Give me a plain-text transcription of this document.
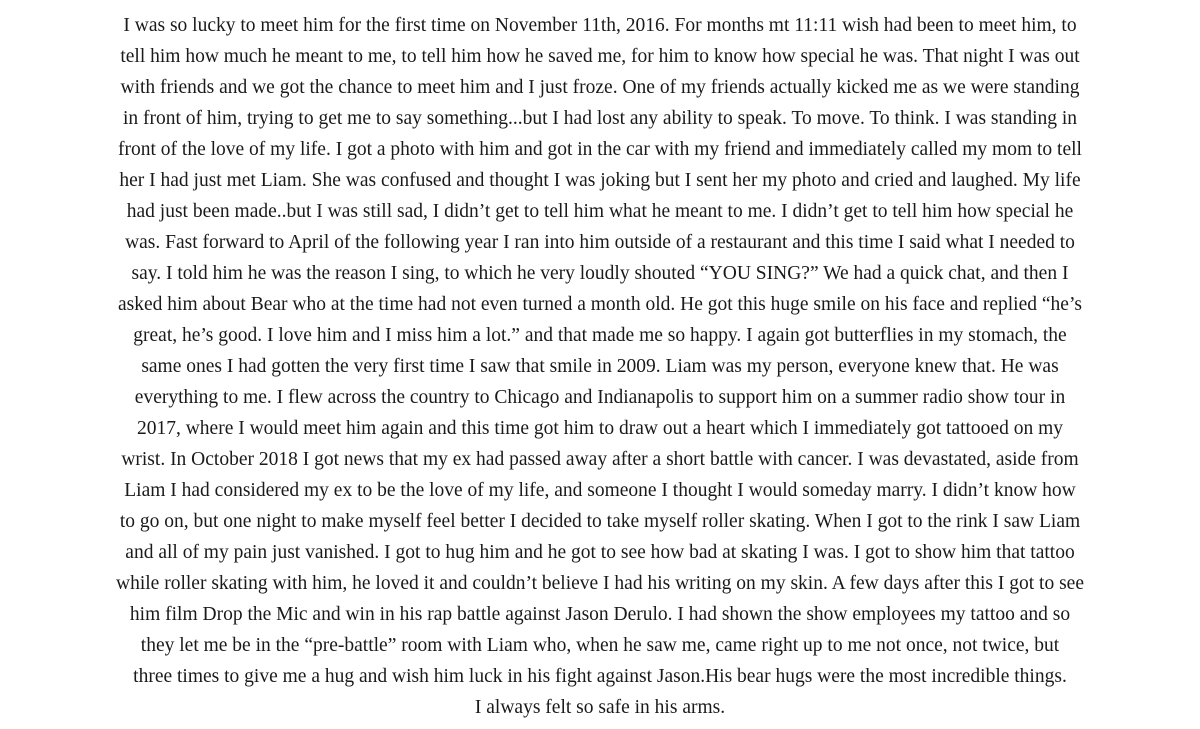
I was so lucky to meet him for the first time on November 11th, 2016. For months mt 11:11 wish had been to meet him, to
tell him how much he meant to me, to tell him how he saved me, for him to know how special he was. That night I was out
with friends and we got the chance to meet him and I just froze. One of my friends actually kicked me as we were standing
in front of him, trying to get me to say something...but I had lost any ability to speak. To move. To think. I was standing in
front of the love of my life. I got a photo with him and got in the car with my friend and immediately called my mom to tell
her I had just met Liam. She was confused and thought I was joking but I sent her my photo and cried and laughed. My life
had just been made..but I was still sad, I didn’t get to tell him what he meant to me. I didn’t get to tell him how special he
was. Fast forward to April of the following year I ran into him outside of a restaurant and this time I said what I needed to
say. I told him he was the reason I sing, to which he very loudly shouted “YOU SING?” We had a quick chat, and then I
asked him about Bear who at the time had not even turned a month old. He got this huge smile on his face and replied “he’s
great, he’s good. I love him and I miss him a lot.” and that made me so happy. I again got butterflies in my stomach, the
same ones I had gotten the very first time I saw that smile in 2009. Liam was my person, everyone knew that. He was
everything to me. I flew across the country to Chicago and Indianapolis to support him on a summer radio show tour in
2017, where I would meet him again and this time got him to draw out a heart which I immediately got tattooed on my
wrist. In October 2018 I got news that my ex had passed away after a short battle with cancer. I was devastated, aside from
Liam I had considered my ex to be the love of my life, and someone I thought I would someday marry. I didn’t know how
to go on, but one night to make myself feel better I decided to take myself roller skating. When I got to the rink I saw Liam
and all of my pain just vanished. I got to hug him and he got to see how bad at skating I was. I got to show him that tattoo
while roller skating with him, he loved it and couldn’t believe I had his writing on my skin. A few days after this I got to see
him film Drop the Mic and win in his rap battle against Jason Derulo. I had shown the show employees my tattoo and so
they let me be in the “pre-battle” room with Liam who, when he saw me, came right up to me not once, not twice, but
three times to give me a hug and wish him luck in his fight against Jason.His bear hugs were the most incredible things.
I always felt so safe in his arms.
